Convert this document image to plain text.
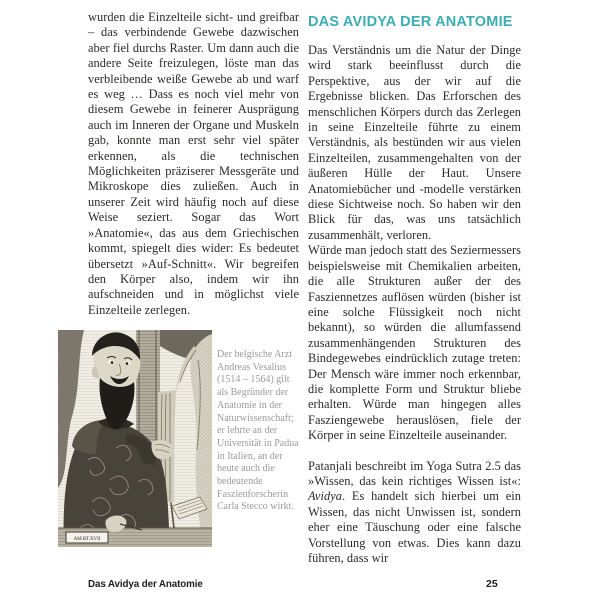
wurden die Einzelteile sicht- und greifbar – das verbindende Gewebe dazwischen aber fiel durchs Raster. Um dann auch die andere Seite freizulegen, löste man das verbleibende weiße Gewebe ab und warf es weg … Dass es noch viel mehr von diesem Gewebe in feinerer Ausprägung auch im Inneren der Organe und Muskeln gab, konnte man erst sehr viel später erkennen, als die technischen Möglichkeiten präziserer Messgeräte und Mikroskope dies zuließen. Auch in unserer Zeit wird häufig noch auf diese Weise seziert. Sogar das Wort »Anatomie«, das aus dem Griechischen kommt, spiegelt dies wider: Es bedeutet übersetzt »Auf-Schnitt«. Wir begreifen den Körper also, indem wir ihn aufschneiden und in möglichst viele Einzelteile zerlegen.

AM.RT.XVII

Der belgische Arzt Andreas Vesalius (1514 – 1564) gilt als Begründer der Anatomie in der Naturwissenschaft; er lehrte an der Universität in Padua in Italien, an der heute auch die bedeutende Faszienforscherin Carla Stecco wirkt.

DAS AVIDYA DER ANATOMIE

Das Verständnis um die Natur der Dinge wird stark beeinflusst durch die Perspektive, aus der wir auf die Ergebnisse blicken. Das Erforschen des menschlichen Körpers durch das Zerlegen in seine Einzelteile führte zu einem Verständnis, als bestünden wir aus vielen Einzelteilen, zusammengehalten von der äußeren Hülle der Haut. Unsere Anatomiebücher und -modelle verstärken diese Sichtweise noch. So haben wir den Blick für das, was uns tatsächlich zusammenhält, verloren.

Würde man jedoch statt des Seziermessers beispielsweise mit Chemikalien arbeiten, die alle Strukturen außer der des Fasziennetzes auflösen würden (bisher ist eine solche Flüssigkeit noch nicht bekannt), so würden die allumfassend zusammenhängenden Strukturen des Bindegewebes eindrücklich zutage treten: Der Mensch wäre immer noch erkennbar, die komplette Form und Struktur bliebe erhalten. Würde man hingegen alles Fasziengewebe herauslösen, fiele der Körper in seine Einzelteile auseinander.

Patanjali beschreibt im Yoga Sutra 2.5 das »Wissen, das kein richtiges Wissen ist«: Avidya. Es handelt sich hierbei um ein Wissen, das nicht Unwissen ist, sondern eher eine Täuschung oder eine falsche Vorstellung von etwas. Dies kann dazu führen, dass wir

Das Avidya der Anatomie	25
